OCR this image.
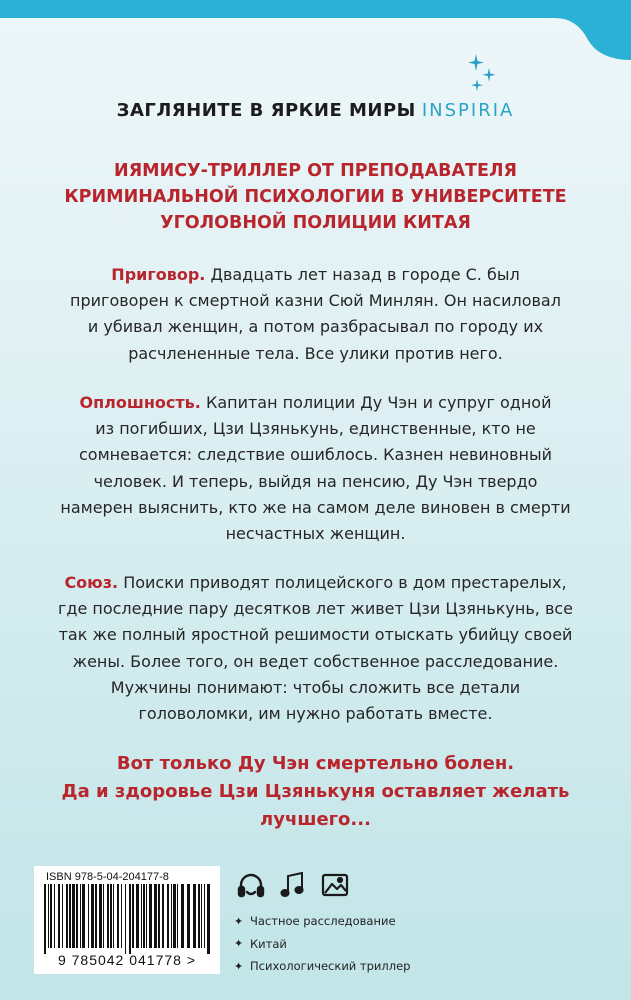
ЗАГЛЯНИТЕ В ЯРКИЕ МИРЫ INSPIRIA
ИЯМИСУ-ТРИЛЛЕР ОТ ПРЕПОДАВАТЕЛЯ
КРИМИНАЛЬНОЙ ПСИХОЛОГИИ В УНИВЕРСИТЕТЕ
УГОЛОВНОЙ ПОЛИЦИИ КИТАЯ
Приговор. Двадцать лет назад в городе С. был
приговорен к смертной казни Сюй Минлян. Он насиловал
и убивал женщин, а потом разбрасывал по городу их
расчлененные тела. Все улики против него.
Оплошность. Капитан полиции Ду Чэн и супруг одной
из погибших, Цзи Цзянькунь, единственные, кто не
сомневается: следствие ошиблось. Казнен невиновный
человек. И теперь, выйдя на пенсию, Ду Чэн твердо
намерен выяснить, кто же на самом деле виновен в смерти
несчастных женщин.
Союз. Поиски приводят полицейского в дом престарелых,
где последние пару десятков лет живет Цзи Цзянькунь, все
так же полный яростной решимости отыскать убийцу своей
жены. Более того, он ведет собственное расследование.
Мужчины понимают: чтобы сложить все детали
головоломки, им нужно работать вместе.
Вот только Ду Чэн смертельно болен.
Да и здоровье Цзи Цзянькуня оставляет желать
лучшего...
ISBN 978-5-04-204177-8
9 785042 041778 >
✦ Частное расследование
✦ Китай
✦ Психологический триллер
